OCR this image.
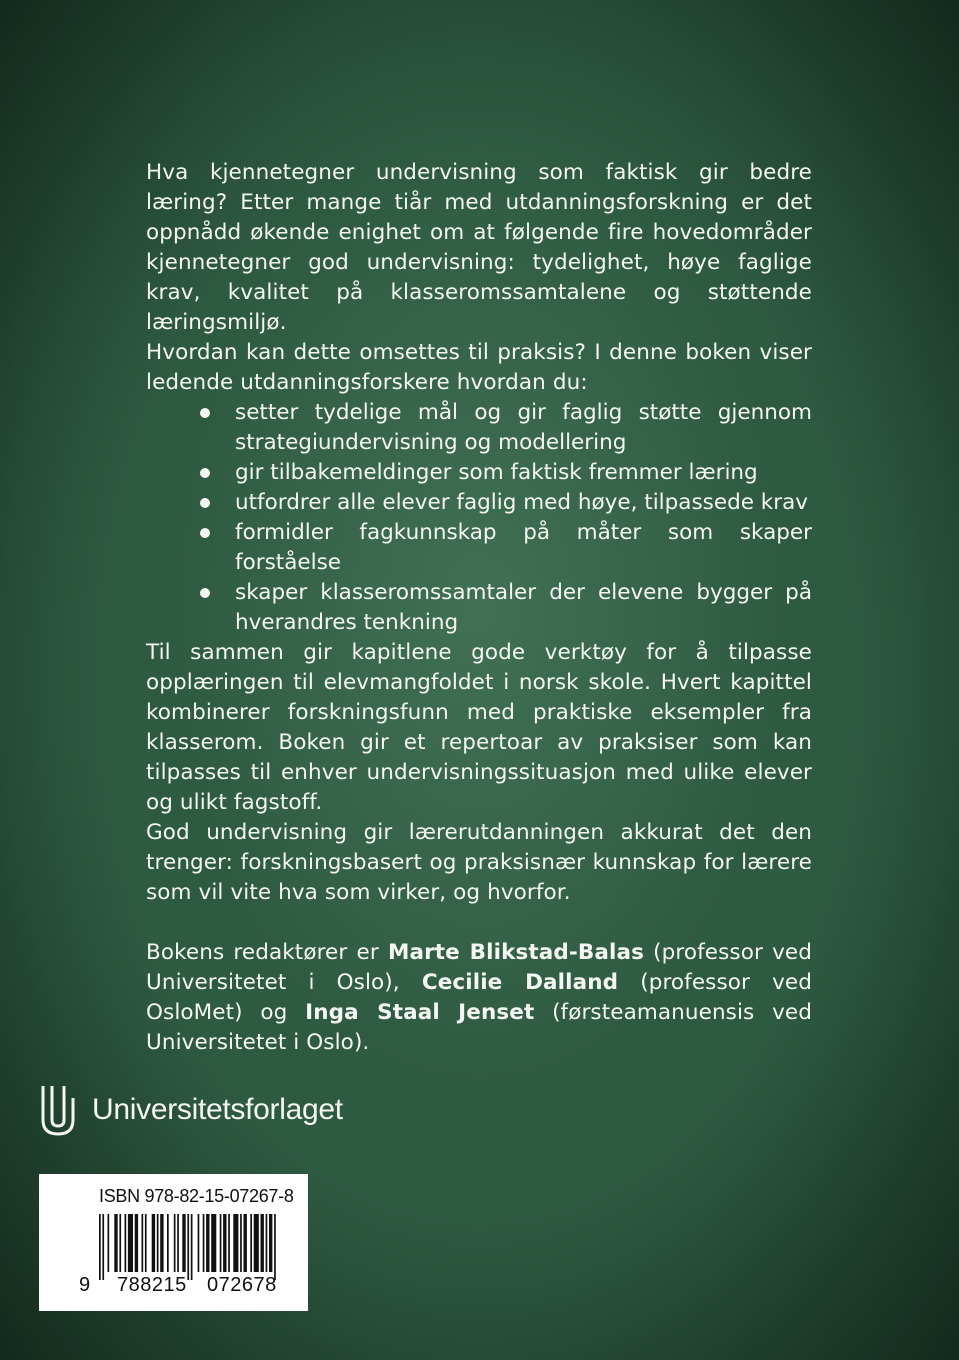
Hva kjennetegner undervisning som faktisk gir bedre læring? Etter mange tiår med utdanningsforskning er det oppnådd økende enighet om at følgende fire hovedområder kjennetegner god undervisning: tydelighet, høye faglige krav, kvalitet på klasseromssamtalene og støttende læringsmiljø.

Hvordan kan dette omsettes til praksis? I denne boken viser ledende utdanningsforskere hvordan du:

setter tydelige mål og gir faglig støtte gjennom strategiundervisning og modellering
gir tilbakemeldinger som faktisk fremmer læring
utfordrer alle elever faglig med høye, tilpassede krav
formidler fagkunnskap på måter som skaper forståelse
skaper klasseromssamtaler der elevene bygger på hverandres tenkning

Til sammen gir kapitlene gode verktøy for å tilpasse opplæringen til elevmangfoldet i norsk skole. Hvert kapittel kombinerer forskningsfunn med praktiske eksempler fra klasserom. Boken gir et repertoar av praksiser som kan tilpasses til enhver undervisningssituasjon med ulike elever og ulikt fagstoff.

God undervisning gir lærerutdanningen akkurat det den trenger: forskningsbasert og praksisnær kunnskap for lærere som vil vite hva som virker, og hvorfor.

Bokens redaktører er Marte Blikstad-Balas (professor ved Universitetet i Oslo), Cecilie Dalland (professor ved OsloMet) og Inga Staal Jenset (førsteamanuensis ved Universitetet i Oslo).

Universitetsforlaget
ISBN 978-82-15-07267-8
9 788215 072678
